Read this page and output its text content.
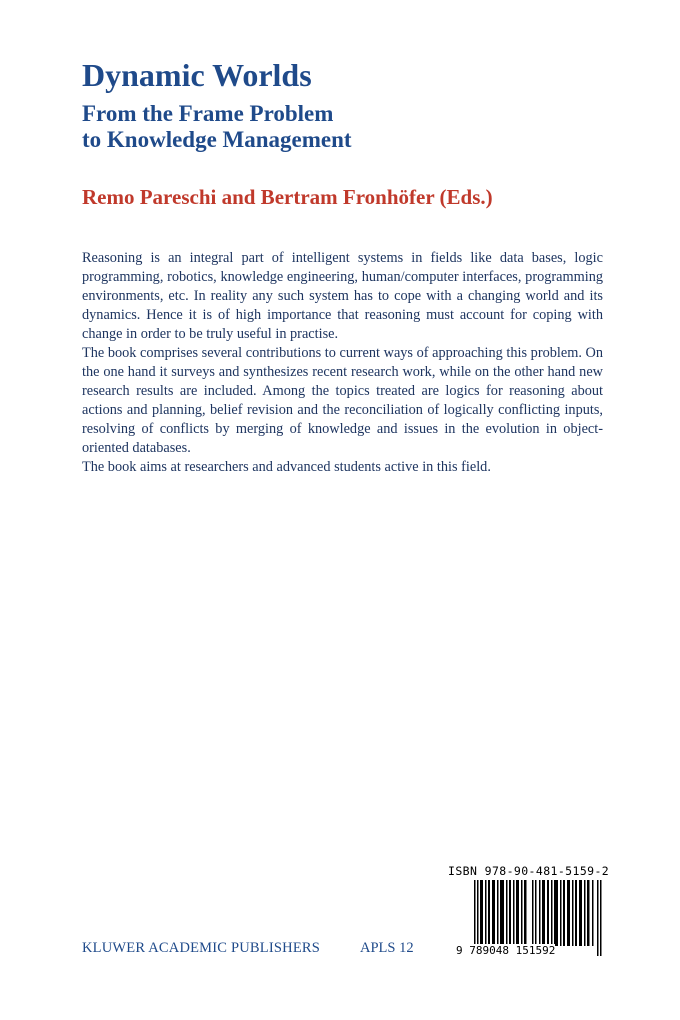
Dynamic Worlds
From the Frame Problem
to Knowledge Management
Remo Pareschi and Bertram Fronhöfer (Eds.)

Reasoning is an integral part of intelligent systems in fields like data bases, logic programming, robotics, knowledge engineering, human/computer interfaces, programming environments, etc. In reality any such system has to cope with a changing world and its dynamics. Hence it is of high importance that reasoning must account for coping with change in order to be truly useful in practise.

The book comprises several contributions to current ways of approaching this problem. On the one hand it surveys and synthesizes recent research work, while on the other hand new research results are included. Among the topics treated are logics for reasoning about actions and planning, belief revision and the reconciliation of logically conflicting inputs, resolving of conflicts by merging of knowledge and issues in the evolution in object-oriented databases.

The book aims at researchers and advanced students active in this field.

ISBN 978-90-481-5159-2
9 789048 151592
KLUWER ACADEMIC PUBLISHERS	APLS 12
